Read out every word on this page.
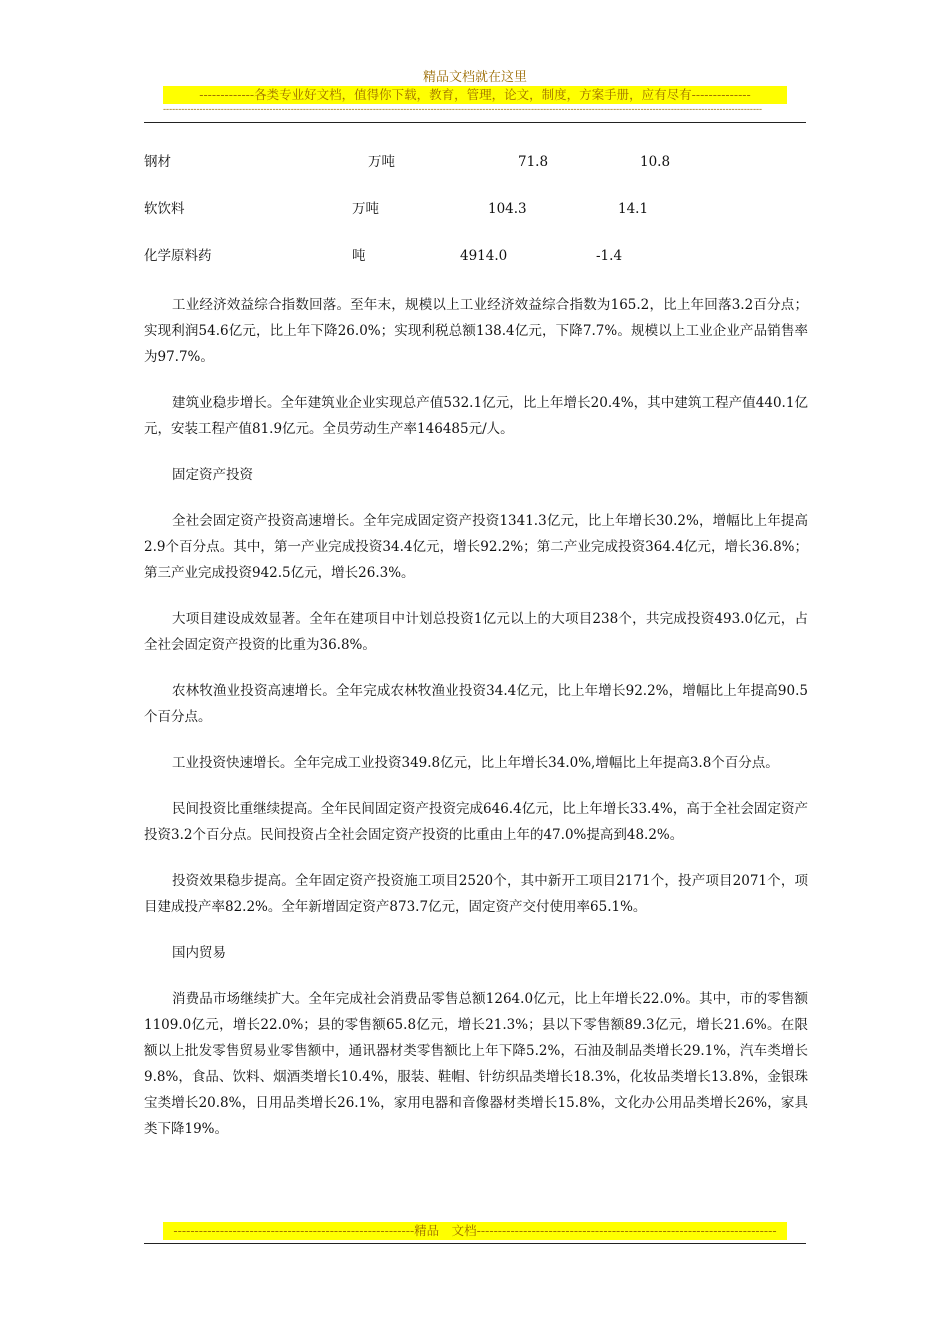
精品文档就在这里
-------------各类专业好文档，值得你下载，教育，管理，论文，制度，方案手册，应有尽有--------------
-----------------------------------------------------------------------------------------------------------------------------------------------------------------------------------------------------
钢材	万吨	71.8	10.8
软饮料	万吨	104.3	14.1
化学原料药	吨	4914.0	-1.4

工业经济效益综合指数回落。至年末，规模以上工业经济效益综合指数为165.2，比上年回落3.2百分点；实现利润54.6亿元，比上年下降26.0%；实现利税总额138.4亿元，下降7.7%。规模以上工业企业产品销售率为97.7%。

建筑业稳步增长。全年建筑业企业实现总产值532.1亿元，比上年增长20.4%，其中建筑工程产值440.1亿元，安装工程产值81.9亿元。全员劳动生产率146485元/人。

固定资产投资

全社会固定资产投资高速增长。全年完成固定资产投资1341.3亿元，比上年增长30.2%，增幅比上年提高2.9个百分点。其中，第一产业完成投资34.4亿元，增长92.2%；第二产业完成投资364.4亿元，增长36.8%；第三产业完成投资942.5亿元，增长26.3%。

大项目建设成效显著。全年在建项目中计划总投资1亿元以上的大项目238个，共完成投资493.0亿元，占全社会固定资产投资的比重为36.8%。

农林牧渔业投资高速增长。全年完成农林牧渔业投资34.4亿元，比上年增长92.2%，增幅比上年提高90.5个百分点。

工业投资快速增长。全年完成工业投资349.8亿元，比上年增长34.0%,增幅比上年提高3.8个百分点。

民间投资比重继续提高。全年民间固定资产投资完成646.4亿元，比上年增长33.4%，高于全社会固定资产投资3.2个百分点。民间投资占全社会固定资产投资的比重由上年的47.0%提高到48.2%。

投资效果稳步提高。全年固定资产投资施工项目2520个，其中新开工项目2171个，投产项目2071个，项目建成投产率82.2%。全年新增固定资产873.7亿元，固定资产交付使用率65.1%。

国内贸易

消费品市场继续扩大。全年完成社会消费品零售总额1264.0亿元，比上年增长22.0%。其中，市的零售额1109.0亿元，增长22.0%；县的零售额65.8亿元，增长21.3%；县以下零售额89.3亿元，增长21.6%。在限额以上批发零售贸易业零售额中，通讯器材类零售额比上年下降5.2%，石油及制品类增长29.1%，汽车类增长9.8%，食品、饮料、烟酒类增长10.4%，服装、鞋帽、针纺织品类增长18.3%，化妆品类增长13.8%，金银珠宝类增长20.8%，日用品类增长26.1%，家用电器和音像器材类增长15.8%，文化办公用品类增长26%，家具类下降19%。

---------------------------------------------------------精品　文档-----------------------------------------------------------------------
